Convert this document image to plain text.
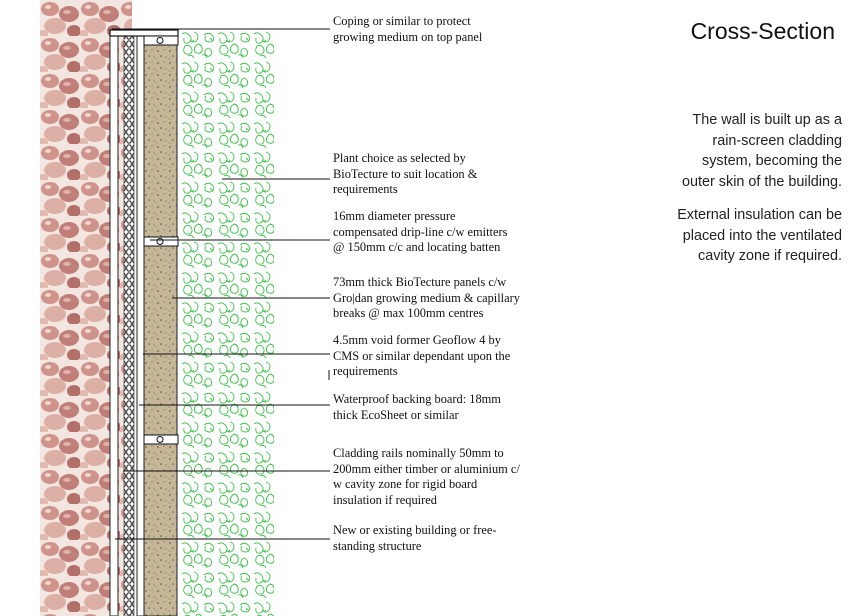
Coping or similar to protect
growing medium on top panel
Plant choice as selected by
BioTecture to suit location &
requirements
16mm diameter pressure
compensated drip-line c/w emitters
@ 150mm c/c and locating batten
73mm thick BioTecture panels c/w
Gro|dan growing medium & capillary
breaks @ max 100mm centres
4.5mm void former Geoflow 4 by
CMS or similar dependant upon the
requirements
Waterproof backing board: 18mm
thick EcoSheet or similar
Cladding rails nominally 50mm to
200mm either timber or aluminium c/
w cavity zone for rigid board
insulation if required
New or existing building or free-
standing structure
Cross-Section
The wall is built up as a
rain-screen cladding
system, becoming the
outer skin of the building.
External insulation can be
placed into the ventilated
cavity zone if required.
